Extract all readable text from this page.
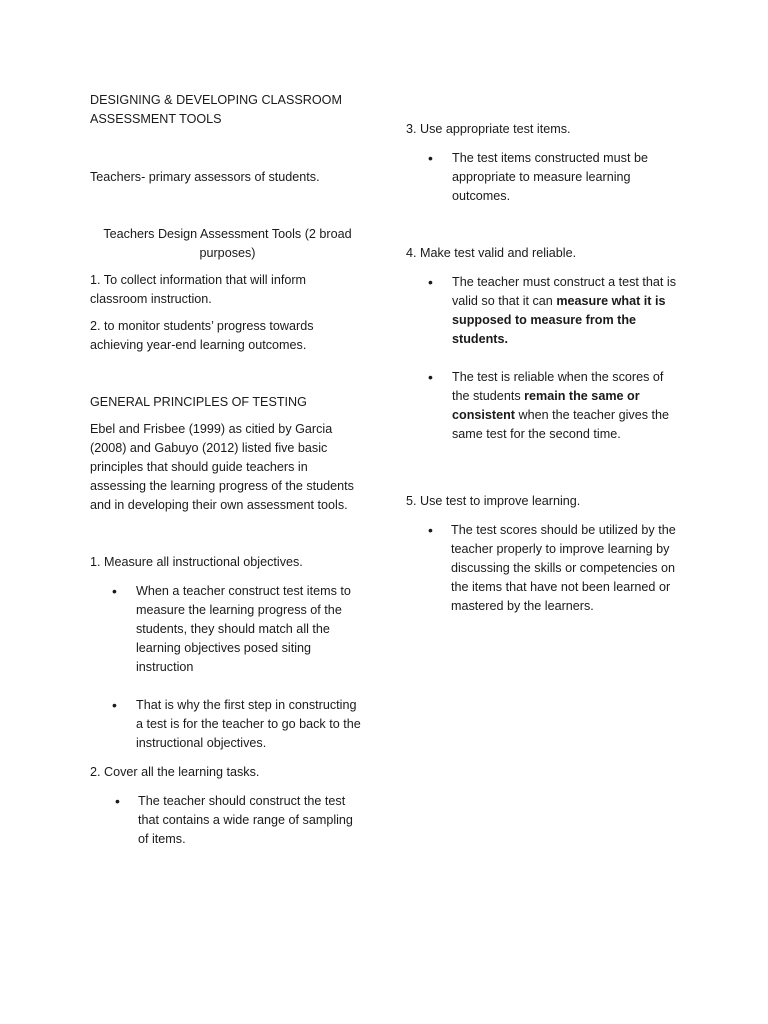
DESIGNING & DEVELOPING CLASSROOM ASSESSMENT TOOLS

Teachers- primary assessors of students.

Teachers Design Assessment Tools (2 broad purposes)

1. To collect information that will inform classroom instruction.

2. to monitor students’ progress towards achieving year-end learning outcomes.

GENERAL PRINCIPLES OF TESTING

Ebel and Frisbee (1999) as citied by Garcia (2008) and Gabuyo (2012) listed five basic principles that should guide teachers in assessing the learning progress of the students and in developing their own assessment tools.

1. Measure all instructional objectives.

• When a teacher construct test items to measure the learning progress of the students, they should match all the learning objectives posed siting instruction
• That is why the first step in constructing a test is for the teacher to go back to the instructional objectives.

2. Cover all the learning tasks.

• The teacher should construct the test that contains a wide range of sampling of items.

3. Use appropriate test items.

• The test items constructed must be appropriate to measure learning outcomes.

4. Make test valid and reliable.

• The teacher must construct a test that is valid so that it can measure what it is supposed to measure from the students.
• The test is reliable when the scores of the students remain the same or consistent when the teacher gives the same test for the second time.

5. Use test to improve learning.

• The test scores should be utilized by the teacher properly to improve learning by discussing the skills or competencies on the items that have not been learned or mastered by the learners.
